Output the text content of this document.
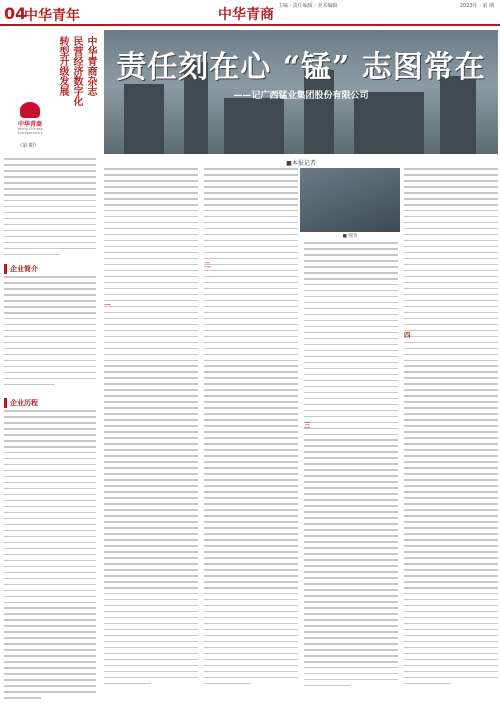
04
中华青年	中华青商
主编 · 责任编辑 · 美术编辑	2023年 · 第 期
中华青商杂志
民营经济数字化
转型升级发展
中华青商
Young Chinese Entrepreneurs
（第 期）
企业简介
企业历程
责任刻在心 “锰” 志图常在
——记广西锰业集团股份有限公司
■本报记者
■ 图为
一
二
三
四
